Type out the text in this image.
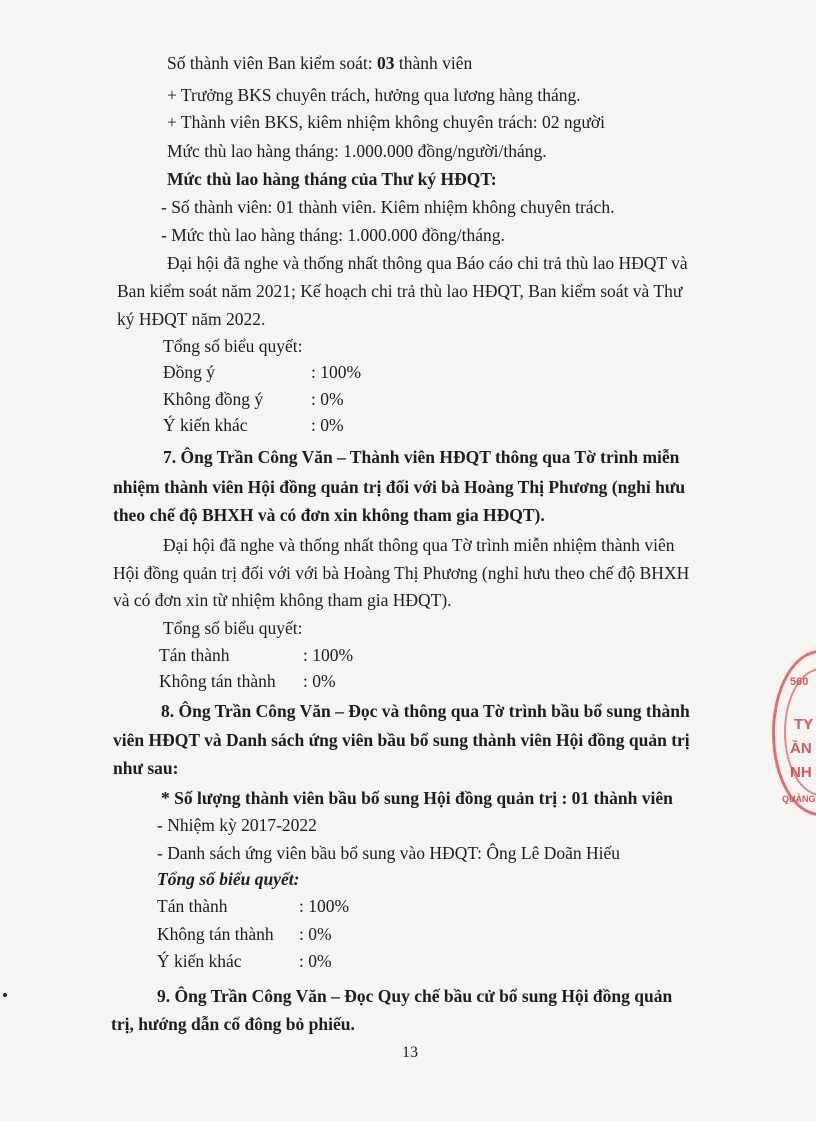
Số thành viên Ban kiểm soát: 03 thành viên
+ Trưởng BKS chuyên trách, hưởng qua lương hàng tháng.
+ Thành viên BKS, kiêm nhiệm không chuyên trách: 02 người
Mức thù lao hàng tháng: 1.000.000 đồng/người/tháng.
Mức thù lao hàng tháng của Thư ký HĐQT:
- Số thành viên: 01 thành viên. Kiêm nhiệm không chuyên trách.
- Mức thù lao hàng tháng: 1.000.000 đồng/tháng.
Đại hội đã nghe và thống nhất thông qua Báo cáo chi trả thù lao HĐQT và
Ban kiểm soát năm 2021; Kế hoạch chi trả thù lao HĐQT, Ban kiểm soát và Thư
ký HĐQT năm 2022.
Tổng số biểu quyết:
Đồng ý	: 100%
Không đồng ý	: 0%
Ý kiến khác	: 0%
7. Ông Trần Công Văn – Thành viên HĐQT thông qua Tờ trình miễn
nhiệm thành viên Hội đồng quản trị đối với bà Hoàng Thị Phương (nghỉ hưu
theo chế độ BHXH và có đơn xin không tham gia HĐQT).
Đại hội đã nghe và thống nhất thông qua Tờ trình miễn nhiệm thành viên
Hội đồng quản trị đối với với bà Hoàng Thị Phương (nghỉ hưu theo chế độ BHXH
và có đơn xin từ nhiệm không tham gia HĐQT).
Tổng số biểu quyết:
Tán thành	: 100%
Không tán thành : 0%
8. Ông Trần Công Văn – Đọc và thông qua Tờ trình bầu bổ sung thành
viên HĐQT và Danh sách ứng viên bầu bổ sung thành viên Hội đồng quản trị
như sau:
* Số lượng thành viên bầu bổ sung Hội đồng quản trị : 01 thành viên
- Nhiệm kỳ 2017-2022
- Danh sách ứng viên bầu bổ sung vào HĐQT: Ông Lê Doãn Hiếu
Tổng số biểu quyết:
Tán thành	: 100%
Không tán thành : 0%
Ý kiến khác	: 0%
9. Ông Trần Công Văn – Đọc Quy chế bầu cử bổ sung Hội đồng quản
trị, hướng dẫn cổ đông bỏ phiếu.
13
560
TY
ẦN
NH
QUẢNG
